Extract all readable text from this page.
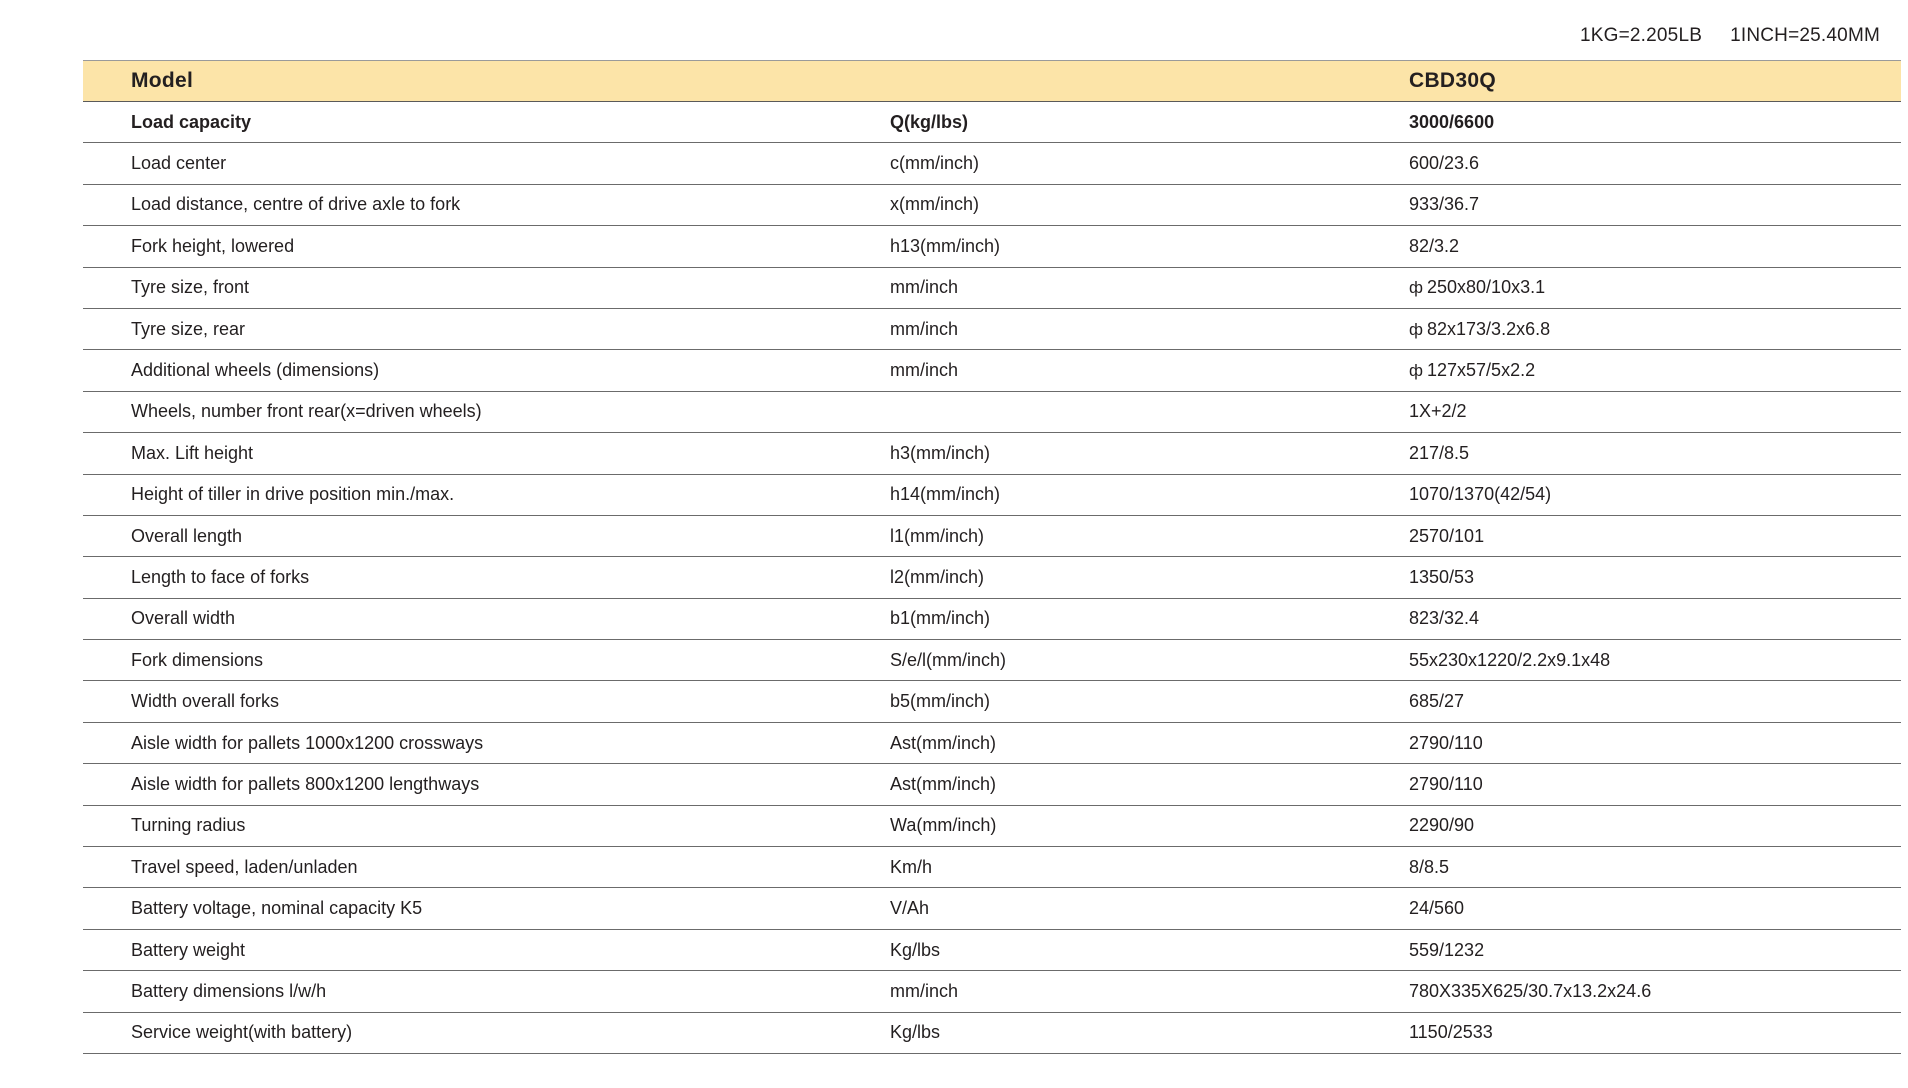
1KG=2.205LB 1INCH=25.40MM
Model		CBD30Q
Load capacity	Q(kg/lbs)	3000/6600
Load center	c(mm/inch)	600/23.6
Load distance, centre of drive axle to fork	x(mm/inch)	933/36.7
Fork height, lowered	h13(mm/inch)	82/3.2
Tyre size, front	mm/inch	ф 250x80/10x3.1
Tyre size, rear	mm/inch	ф 82x173/3.2x6.8
Additional wheels (dimensions)	mm/inch	ф 127x57/5x2.2
Wheels, number front rear(x=driven wheels)		1X+2/2
Max. Lift height	h3(mm/inch)	217/8.5
Height of tiller in drive position min./max.	h14(mm/inch)	1070/1370(42/54)
Overall length	l1(mm/inch)	2570/101
Length to face of forks	l2(mm/inch)	1350/53
Overall width	b1(mm/inch)	823/32.4
Fork dimensions	S/e/l(mm/inch)	55x230x1220/2.2x9.1x48
Width overall forks	b5(mm/inch)	685/27
Aisle width for pallets 1000x1200 crossways	Ast(mm/inch)	2790/110
Aisle width for pallets 800x1200 lengthways	Ast(mm/inch)	2790/110
Turning radius	Wa(mm/inch)	2290/90
Travel speed, laden/unladen	Km/h	8/8.5
Battery voltage, nominal capacity K5	V/Ah	24/560
Battery weight	Kg/lbs	559/1232
Battery dimensions l/w/h	mm/inch	780X335X625/30.7x13.2x24.6
Service weight(with battery)	Kg/lbs	1150/2533
